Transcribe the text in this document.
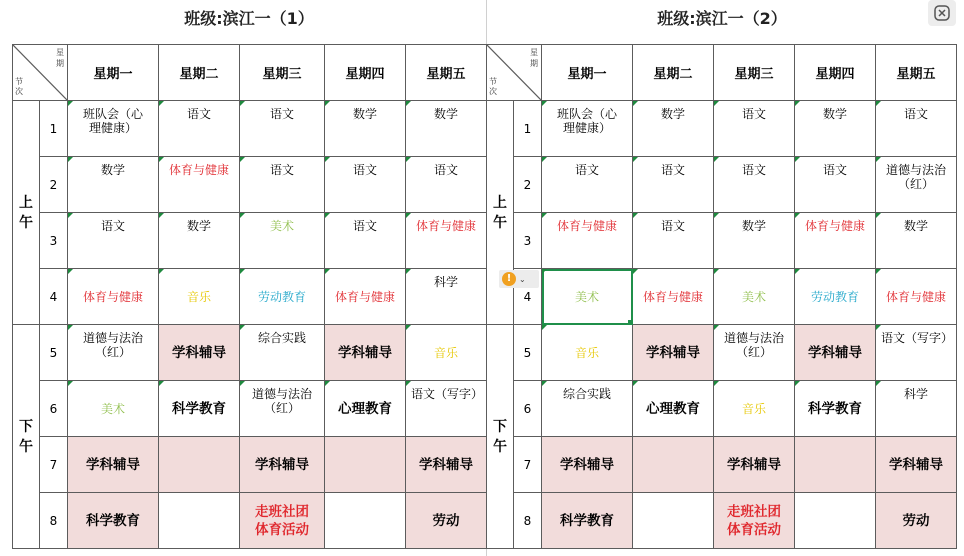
班级:滨江一（1）
星
期
节
次		星期一	星期二	星期三	星期四	星期五
上午	1	班队会（心理健康）	语文	语文	数学	数学
	2	数学	体育与健康	语文	语文	语文
	3	语文	数学	美术	语文	体育与健康
	4	体育与健康	音乐	劳动教育	体育与健康	科学
下午	5	道德与法治（红）	学科辅导	综合实践	学科辅导	音乐
	6	美术	科学教育	道德与法治（红）	心理教育	语文（写字）
	7	学科辅导		学科辅导		学科辅导
	8	科学教育		走班社团体育活动		劳动
班级:滨江一（2）
星
期
节
次		星期一	星期二	星期三	星期四	星期五
上午	1	班队会（心理健康）	数学	语文	数学	语文
	2	语文	语文	语文	语文	道德与法治（红）
	3	体育与健康	语文	数学	体育与健康	数学
	4	美术	体育与健康	美术	劳动教育	体育与健康
下午	5	音乐	学科辅导	道德与法治（红）	学科辅导	语文（写字）
	6	综合实践	心理教育	音乐	科学教育	科学
	7	学科辅导		学科辅导		学科辅导
	8	科学教育		走班社团体育活动		劳动
! ⌄
